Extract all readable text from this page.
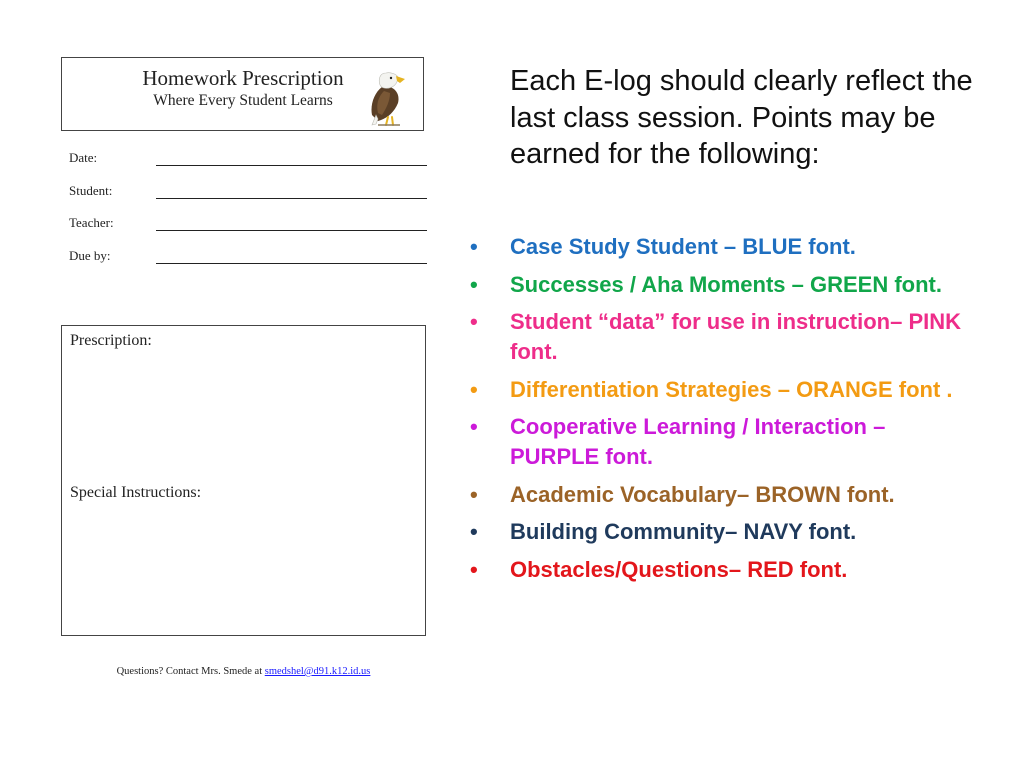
Homework Prescription
Where Every Student Learns
Date:
Student:
Teacher:
Due by:
Prescription:
Special Instructions:
Questions? Contact Mrs. Smede at smedshel@d91.k12.id.us
Each E-log should clearly reflect the last class session. Points may be earned for the following:
•	Case Study Student – BLUE font.
•	Successes / Aha Moments – GREEN font.
•	Student “data” for use in instruction– PINK font.
•	Differentiation Strategies – ORANGE font .
•	Cooperative Learning / Interaction – PURPLE font.
•	Academic Vocabulary– BROWN font.
•	Building Community– NAVY font.
•	Obstacles/Questions– RED font.
